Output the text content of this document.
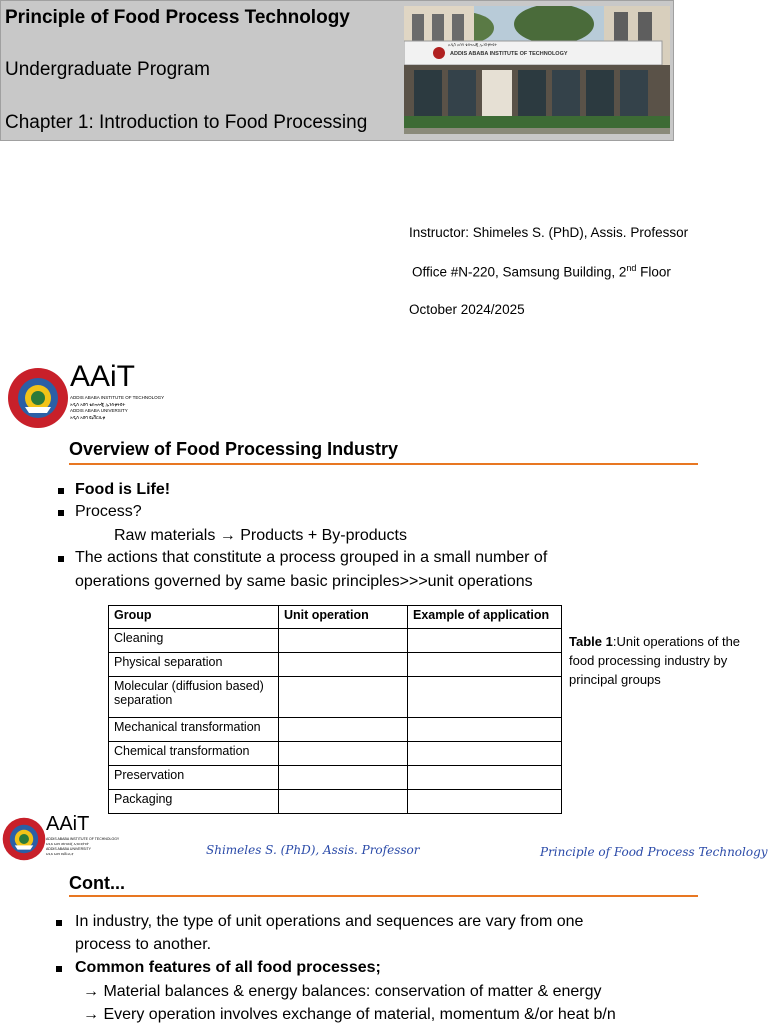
Principle of Food Process Technology
Undergraduate Program
Chapter 1: Introduction to Food Processing
አዲስ አበባ ቴክኖሎጂ ኢንስቲትዩት
ADDIS ABABA INSTITUTE OF TECHNOLOGY
Instructor: Shimeles S. (PhD), Assis. Professor
Office #N-220, Samsung Building, 2nd Floor
October 2024/2025
AAiT
ADDIS ABABA INSTITUTE OF TECHNOLOGY
አዲስ አበባ ቴክኖሎጂ ኢንስቲትዩት
ADDIS ABABA UNIVERSITY
አዲስ አበባ ዩኒቨርሲቲ
Overview of Food Processing Industry
Food is Life!
Process?
Raw materials → Products + By-products
The actions that constitute a process grouped in a small number of
operations governed by same basic principles>>>unit operations
Group	Unit operation	Example of application
Cleaning		
Physical separation		
Molecular (diffusion based) separation		
Mechanical transformation		
Chemical transformation		
Preservation		
Packaging		
Table 1:Unit operations of the food processing industry by principal groups
AAiT
ADDIS ABABA INSTITUTE OF TECHNOLOGY
አዲስ አበባ ቴክኖሎጂ ኢንስቲትዩት
ADDIS ABABA UNIVERSITY
አዲስ አበባ ዩኒቨርሲቲ	Shimeles S. (PhD), Assis. Professor	Principle of Food Process Technology
Cont...
In industry, the type of unit operations and sequences are vary from one
process to another.
Common features of all food processes;
→ Material balances & energy balances: conservation of matter & energy
→ Every operation involves exchange of material, momentum &/or heat b/n
